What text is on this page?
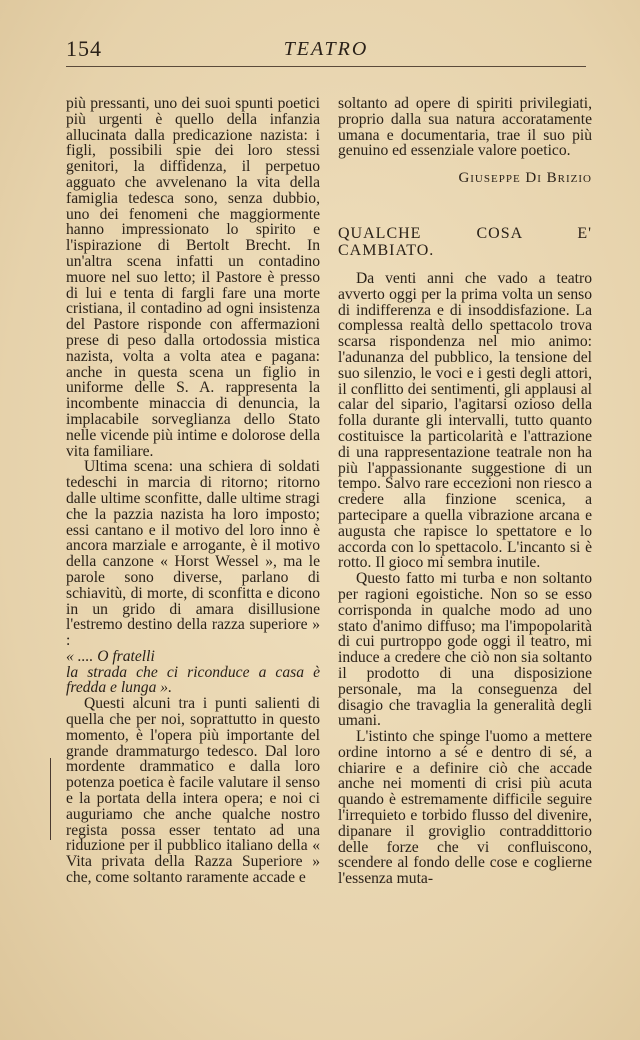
154	TEATRO

più pressanti, uno dei suoi spunti poetici più urgenti è quello della infanzia allucinata dalla predicazione nazista: i figli, possibili spie dei loro stessi genitori, la diffidenza, il perpetuo agguato che avvelenano la vita della famiglia tedesca sono, senza dubbio, uno dei fenomeni che maggiormente hanno impressionato lo spirito e l'ispirazione di Bertolt Brecht. In un'altra scena infatti un contadino muore nel suo letto; il Pastore è presso di lui e tenta di fargli fare una morte cristiana, il contadino ad ogni insistenza del Pastore risponde con affermazioni prese di peso dalla ortodossia mistica nazista, volta a volta atea e pagana: anche in questa scena un figlio in uniforme delle S. A. rappresenta la incombente minaccia di denuncia, la implacabile sorveglianza dello Stato nelle vicende più intime e dolorose della vita familiare.

Ultima scena: una schiera di soldati tedeschi in marcia di ritorno; ritorno dalle ultime sconfitte, dalle ultime stragi che la pazzia nazista ha loro imposto; essi cantano e il motivo del loro inno è ancora marziale e arrogante, è il motivo della canzone « Horst Wessel », ma le parole sono diverse, parlano di schiavitù, di morte, di sconfitta e dicono in un grido di amara disillusione l'estremo destino della razza superiore » :

« .... O fratelli
la strada che ci riconduce a casa è fredda e lunga ».

Questi alcuni tra i punti salienti di quella che per noi, soprattutto in questo momento, è l'opera più importante del grande drammaturgo tedesco. Dal loro mordente drammatico e dalla loro potenza poetica è facile valutare il senso e la portata della intera opera; e noi ci auguriamo che anche qualche nostro regista possa esser tentato ad una riduzione per il pubblico italiano della « Vita privata della Razza Superiore » che, come soltanto raramente accade e

soltanto ad opere di spiriti privilegiati, proprio dalla sua natura accoratamente umana e documentaria, trae il suo più genuino ed essenziale valore poetico.

Giuseppe Di Brizio
QUALCHE COSA E' CAMBIATO.

Da venti anni che vado a teatro avverto oggi per la prima volta un senso di indifferenza e di insoddisfazione. La complessa realtà dello spettacolo trova scarsa rispondenza nel mio animo: l'adunanza del pubblico, la tensione del suo silenzio, le voci e i gesti degli attori, il conflitto dei sentimenti, gli applausi al calar del sipario, l'agitarsi ozioso della folla durante gli intervalli, tutto quanto costituisce la particolarità e l'attrazione di una rappresentazione teatrale non ha più l'appassionante suggestione di un tempo. Salvo rare eccezioni non riesco a credere alla finzione scenica, a partecipare a quella vibrazione arcana e augusta che rapisce lo spettatore e lo accorda con lo spettacolo. L'incanto si è rotto. Il gioco mi sembra inutile.

Questo fatto mi turba e non soltanto per ragioni egoistiche. Non so se esso corrisponda in qualche modo ad uno stato d'animo diffuso; ma l'impopolarità di cui purtroppo gode oggi il teatro, mi induce a credere che ciò non sia soltanto il prodotto di una disposizione personale, ma la conseguenza del disagio che travaglia la generalità degli umani.

L'istinto che spinge l'uomo a mettere ordine intorno a sé e dentro di sé, a chiarire e a definire ciò che accade anche nei momenti di crisi più acuta quando è estremamente difficile seguire l'irrequieto e torbido flusso del divenire, dipanare il groviglio contraddittorio delle forze che vi confluiscono, scendere al fondo delle cose e coglierne l'essenza muta-
